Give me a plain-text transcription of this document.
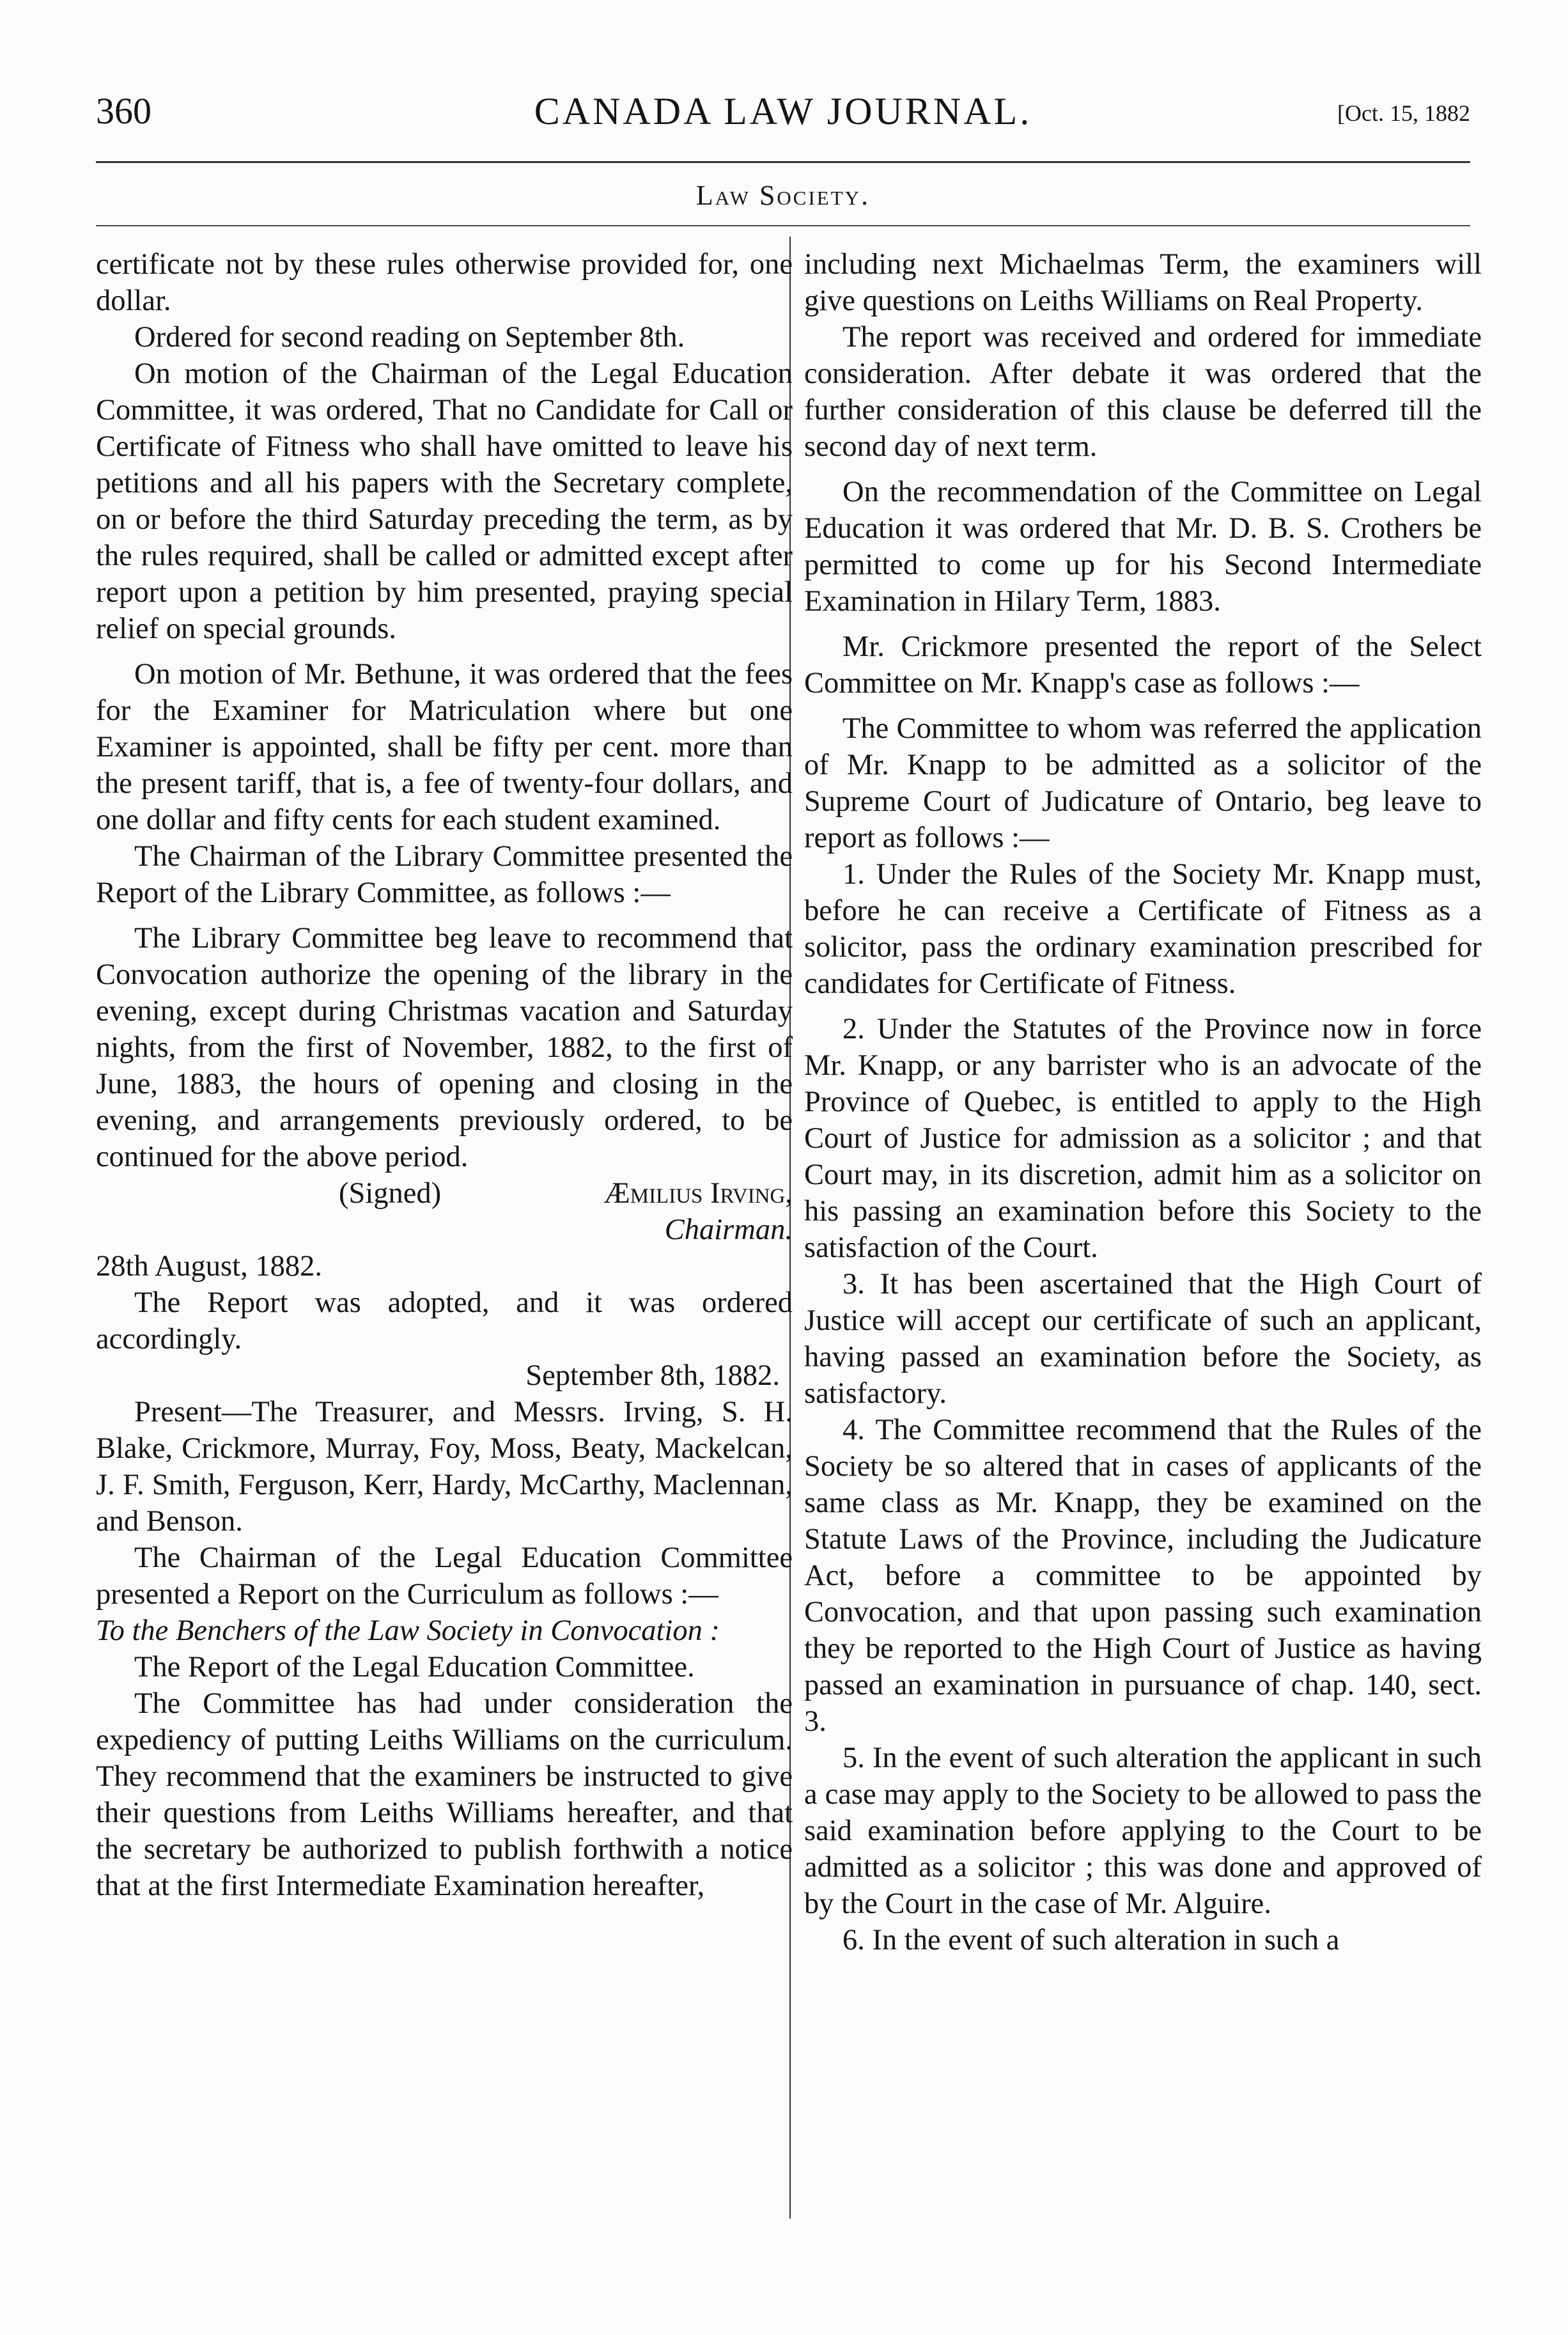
360	CANADA LAW JOURNAL.	[Oct. 15, 1882
Law Society.

certificate not by these rules otherwise provided for, one dollar.

Ordered for second reading on September 8th.

On motion of the Chairman of the Legal Education Committee, it was ordered, That no Candidate for Call or Certificate of Fitness who shall have omitted to leave his petitions and all his papers with the Secretary complete, on or before the third Saturday preceding the term, as by the rules required, shall be called or admitted except after report upon a petition by him presented, praying special relief on special grounds.

On motion of Mr. Bethune, it was ordered that the fees for the Examiner for Matriculation where but one Examiner is appointed, shall be fifty per cent. more than the present tariff, that is, a fee of twenty-four dollars, and one dollar and fifty cents for each student examined.

The Chairman of the Library Committee presented the Report of the Library Committee, as follows :—

The Library Committee beg leave to recommend that Convocation authorize the opening of the library in the evening, except during Christmas vacation and Saturday nights, from the first of November, 1882, to the first of June, 1883, the hours of opening and closing in the evening, and arrangements previously ordered, to be continued for the above period.

(Signed)	Æmilius Irving,

Chairman.

28th August, 1882.

The Report was adopted, and it was ordered accordingly.

September 8th, 1882.

Present—The Treasurer, and Messrs. Irving, S. H. Blake, Crickmore, Murray, Foy, Moss, Beaty, Mackelcan, J. F. Smith, Ferguson, Kerr, Hardy, McCarthy, Maclennan, and Benson.

The Chairman of the Legal Education Committee presented a Report on the Curriculum as follows :—

To the Benchers of the Law Society in Convocation :

The Report of the Legal Education Committee.

The Committee has had under consideration the expediency of putting Leiths Williams on the curriculum. They recommend that the examiners be instructed to give their questions from Leiths Williams hereafter, and that the secretary be authorized to publish forthwith a notice that at the first Intermediate Examination hereafter,

including next Michaelmas Term, the examiners will give questions on Leiths Williams on Real Property.

The report was received and ordered for immediate consideration. After debate it was ordered that the further consideration of this clause be deferred till the second day of next term.

On the recommendation of the Committee on Legal Education it was ordered that Mr. D. B. S. Crothers be permitted to come up for his Second Intermediate Examination in Hilary Term, 1883.

Mr. Crickmore presented the report of the Select Committee on Mr. Knapp's case as follows :—

The Committee to whom was referred the application of Mr. Knapp to be admitted as a solicitor of the Supreme Court of Judicature of Ontario, beg leave to report as follows :—

1. Under the Rules of the Society Mr. Knapp must, before he can receive a Certificate of Fitness as a solicitor, pass the ordinary examination prescribed for candidates for Certificate of Fitness.

2. Under the Statutes of the Province now in force Mr. Knapp, or any barrister who is an advocate of the Province of Quebec, is entitled to apply to the High Court of Justice for admission as a solicitor ; and that Court may, in its discretion, admit him as a solicitor on his passing an examination before this Society to the satisfaction of the Court.

3. It has been ascertained that the High Court of Justice will accept our certificate of such an applicant, having passed an examination before the Society, as satisfactory.

4. The Committee recommend that the Rules of the Society be so altered that in cases of applicants of the same class as Mr. Knapp, they be examined on the Statute Laws of the Province, including the Judicature Act, before a committee to be appointed by Convocation, and that upon passing such examination they be reported to the High Court of Justice as having passed an examination in pursuance of chap. 140, sect. 3.

5. In the event of such alteration the applicant in such a case may apply to the Society to be allowed to pass the said examination before applying to the Court to be admitted as a solicitor ; this was done and approved of by the Court in the case of Mr. Alguire.

6. In the event of such alteration in such a
